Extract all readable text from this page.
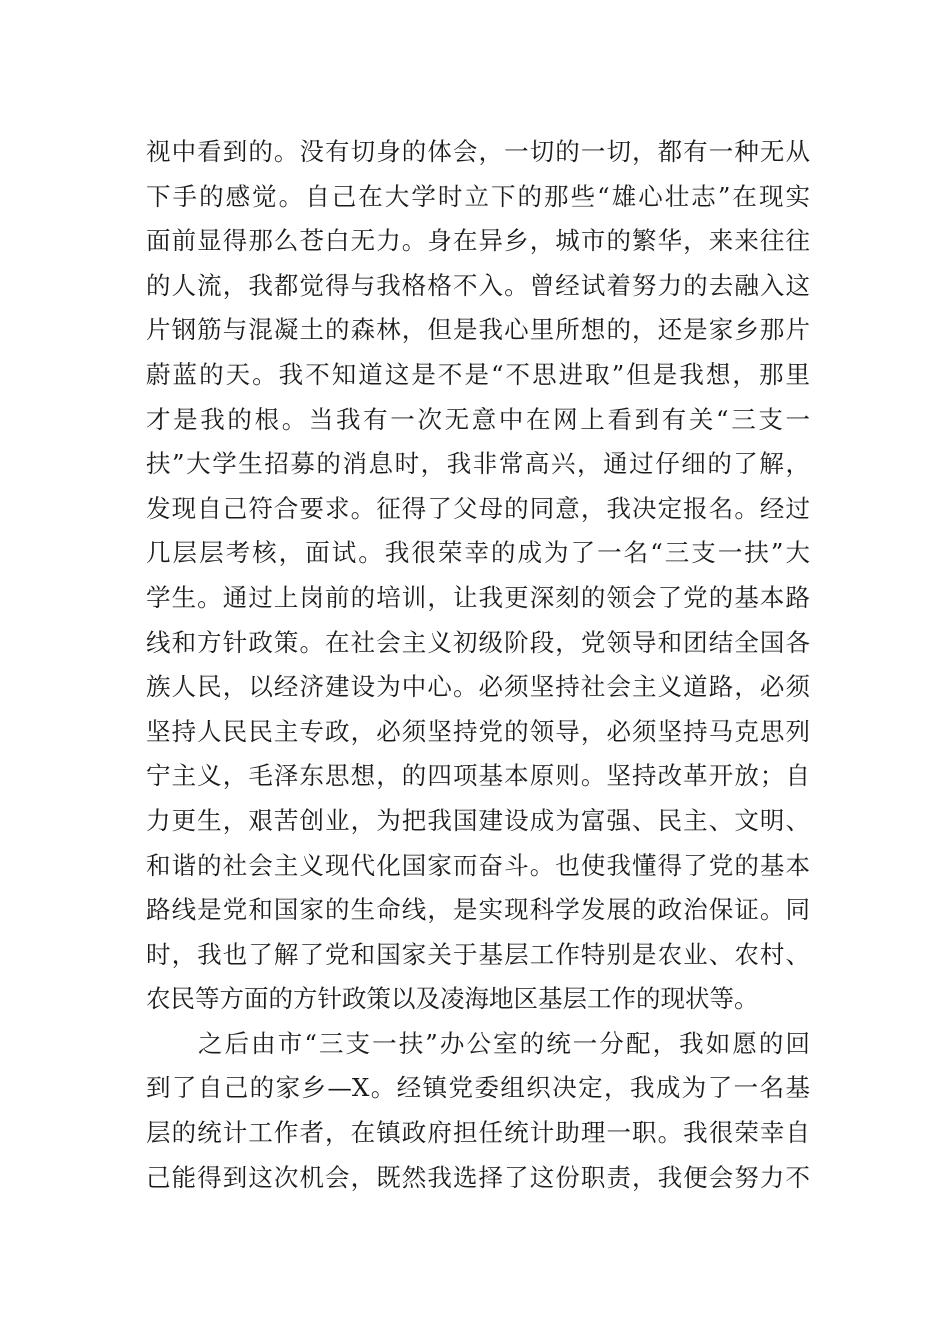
视中看到的。没有切身的体会，一切的一切，都有一种无从
下手的感觉。自己在大学时立下的那些“雄心壮志”在现实
面前显得那么苍白无力。身在异乡，城市的繁华，来来往往
的人流，我都觉得与我格格不入。曾经试着努力的去融入这
片钢筋与混凝土的森林，但是我心里所想的，还是家乡那片
蔚蓝的天。我不知道这是不是“不思进取”但是我想，那里
才是我的根。当我有一次无意中在网上看到有关“三支一
扶”大学生招募的消息时，我非常高兴，通过仔细的了解，
发现自己符合要求。征得了父母的同意，我决定报名。经过
几层层考核，面试。我很荣幸的成为了一名“三支一扶”大
学生。通过上岗前的培训，让我更深刻的领会了党的基本路
线和方针政策。在社会主义初级阶段，党领导和团结全国各
族人民，以经济建设为中心。必须坚持社会主义道路，必须
坚持人民民主专政，必须坚持党的领导，必须坚持马克思列
宁主义，毛泽东思想，的四项基本原则。坚持改革开放；自
力更生，艰苦创业，为把我国建设成为富强、民主、文明、
和谐的社会主义现代化国家而奋斗。也使我懂得了党的基本
路线是党和国家的生命线，是实现科学发展的政治保证。同
时，我也了解了党和国家关于基层工作特别是农业、农村、
农民等方面的方针政策以及凌海地区基层工作的现状等。
之后由市“三支一扶”办公室的统一分配，我如愿的回
到了自己的家乡—X。经镇党委组织决定，我成为了一名基
层的统计工作者，在镇政府担任统计助理一职。我很荣幸自
己能得到这次机会，既然我选择了这份职责，我便会努力不
